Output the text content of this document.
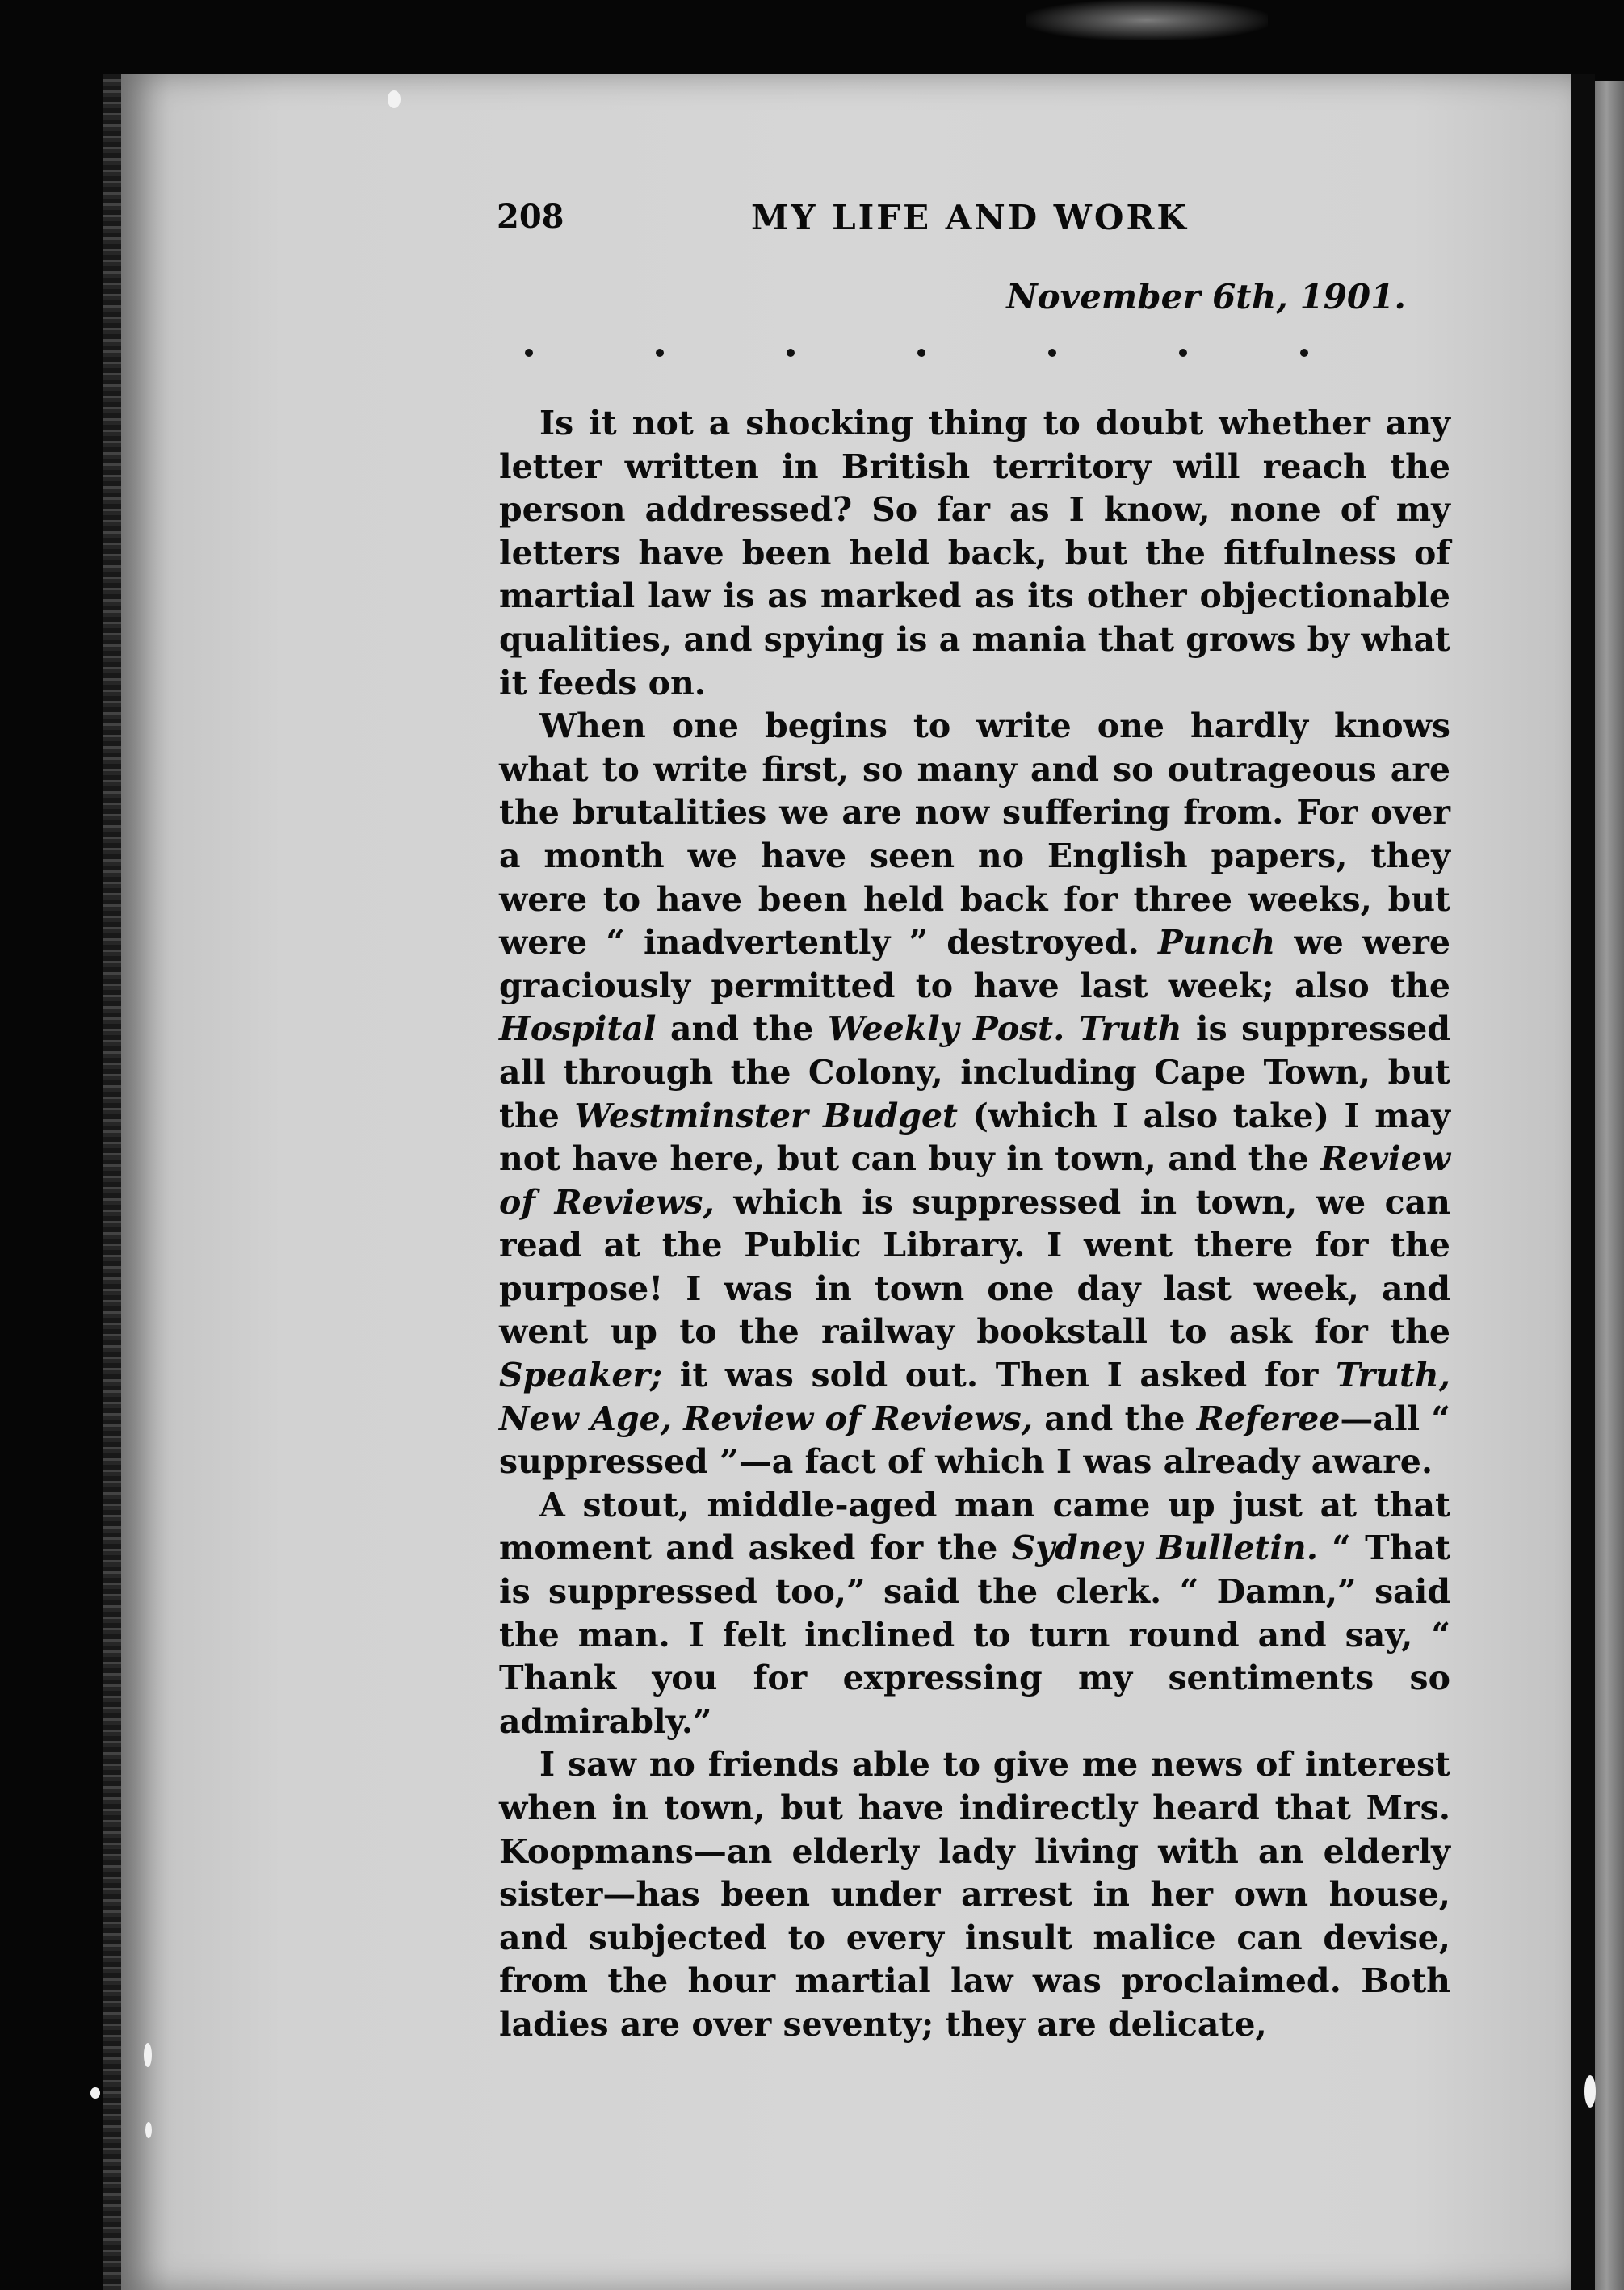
208	MY LIFE AND WORK
November 6th, 1901.

Is it not a shocking thing to doubt whether any letter written in British territory will reach the person addressed? So far as I know, none of my letters have been held back, but the fitfulness of martial law is as marked as its other objectionable qualities, and spying is a mania that grows by what it feeds on.

When one begins to write one hardly knows what to write first, so many and so outrageous are the brutalities we are now suffering from. For over a month we have seen no English papers, they were to have been held back for three weeks, but were “ inadvertently ” destroyed. Punch we were graciously permitted to have last week; also the Hospital and the Weekly Post. Truth is suppressed all through the Colony, including Cape Town, but the Westminster Budget (which I also take) I may not have here, but can buy in town, and the Review of Reviews, which is suppressed in town, we can read at the Public Library. I went there for the purpose! I was in town one day last week, and went up to the railway bookstall to ask for the Speaker; it was sold out. Then I asked for Truth, New Age, Review of Reviews, and the Referee—all “ suppressed ”—a fact of which I was already aware.

A stout, middle-aged man came up just at that moment and asked for the Sydney Bulletin. “ That is suppressed too,” said the clerk. “ Damn,” said the man. I felt inclined to turn round and say, “ Thank you for expressing my sentiments so admirably.”

I saw no friends able to give me news of interest when in town, but have indirectly heard that Mrs. Koopmans—an elderly lady living with an elderly sister—has been under arrest in her own house, and subjected to every insult malice can devise, from the hour martial law was proclaimed. Both ladies are over seventy; they are delicate,
